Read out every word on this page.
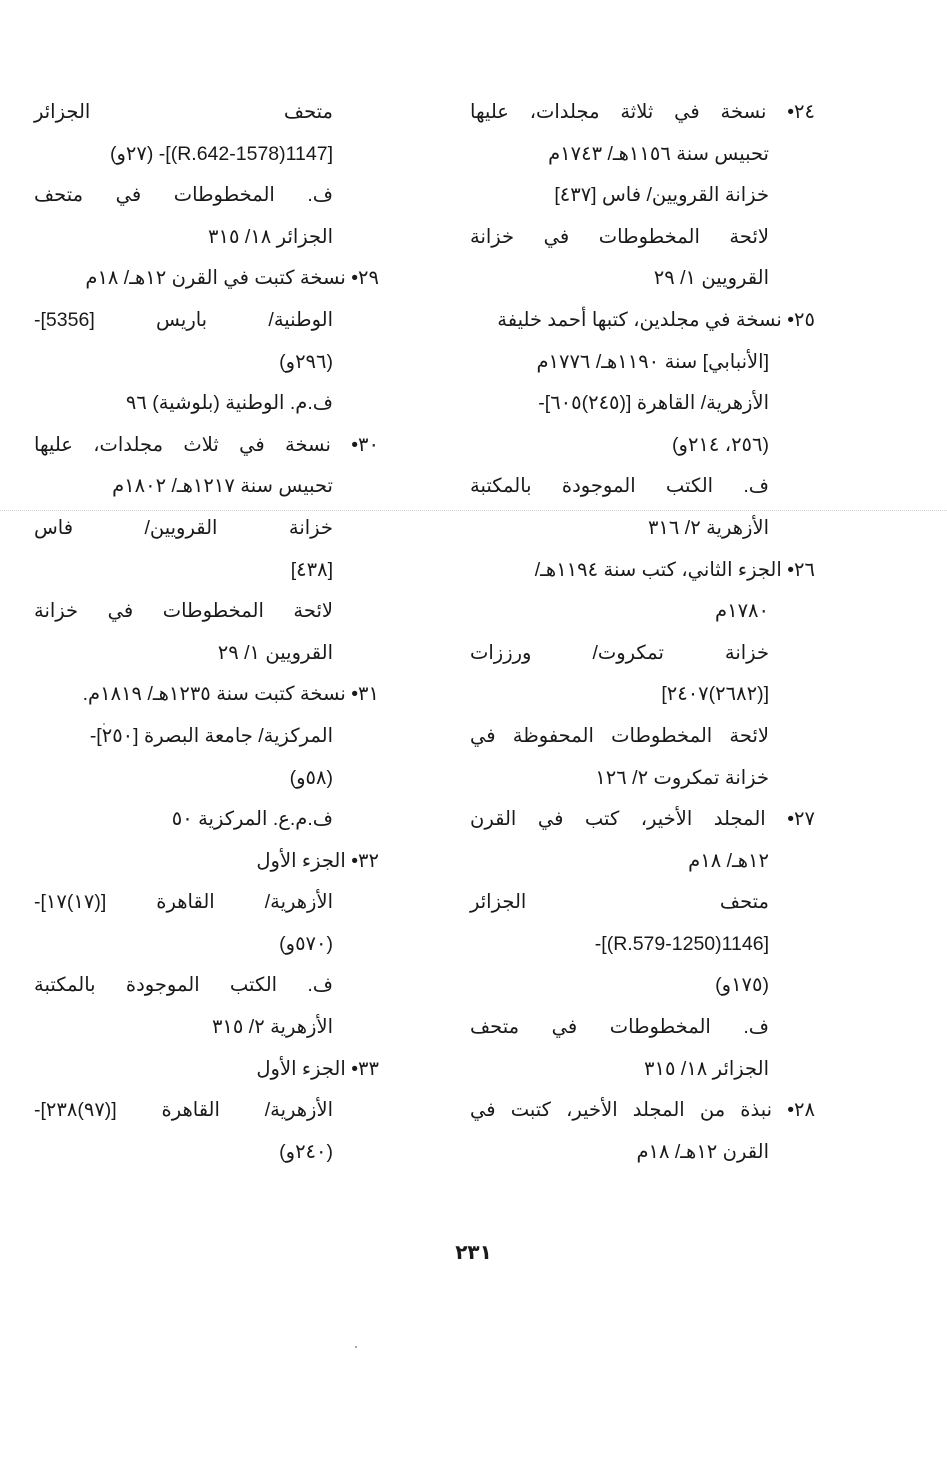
٢٤• نسخة في ثلاثة مجلدات، عليها
تحبيس سنة ١١٥٦هـ/ ١٧٤٣م
خزانة القرويين/ فاس [٤٣٧]
لائحة المخطوطات في خزانة
القرويين ١/ ٢٩
٢٥• نسخة في مجلدين، كتبها أحمد خليفة
[الأنبابي] سنة ١١٩٠هـ/ ١٧٧٦م
الأزهرية/ القاهرة [(٢٤٥)٦٠٥]-
(٢٥٦، ٢١٤و)
ف. الكتب الموجودة بالمكتبة
الأزهرية ٢/ ٣١٦
٢٦• الجزء الثاني، كتب سنة ١١٩٤هـ/
١٧٨٠م
خزانة تمكروت/ ورززات
[(٢٦٨٢)٢٤٠٧]
لائحة المخطوطات المحفوظة في
خزانة تمكروت ٢/ ١٢٦
٢٧• المجلد الأخير، كتب في القرن
١٢هـ/ ١٨م
متحف الجزائر
[1146(1250-R.579)]-
(١٧٥و)
ف. المخطوطات في متحف
الجزائر ١٨/ ٣١٥
٢٨• نبذة من المجلد الأخير، كتبت في
القرن ١٢هـ/ ١٨م
متحف الجزائر
[1147(1578-R.642)]- (٢٧و)
ف. المخطوطات في متحف
الجزائر ١٨/ ٣١٥
٢٩• نسخة كتبت في القرن ١٢هـ/ ١٨م
الوطنية/ باريس [5356]-
(٢٩٦و)
ف.م. الوطنية (بلوشية) ٩٦
٣٠• نسخة في ثلاث مجلدات، عليها
تحبيس سنة ١٢١٧هـ/ ١٨٠٢م
خزانة القرويين/ فاس
[٤٣٨]
لائحة المخطوطات في خزانة
القرويين ١/ ٢٩
٣١• نسخة كتبت سنة ١٢٣٥هـ/ ١٨١٩م.
المركزية/ جامعة البصرة [٢٥٠]-
(٥٨و)
ف.م.ع. المركزية ٥٠
٣٢• الجزء الأول
الأزهرية/ القاهرة [(١٧)١٧]-
(٥٧٠و)
ف. الكتب الموجودة بالمكتبة
الأزهرية ٢/ ٣١٥
٣٣• الجزء الأول
الأزهرية/ القاهرة [(٩٧)٢٣٨]-
(٢٤٠و)
٢٣١
